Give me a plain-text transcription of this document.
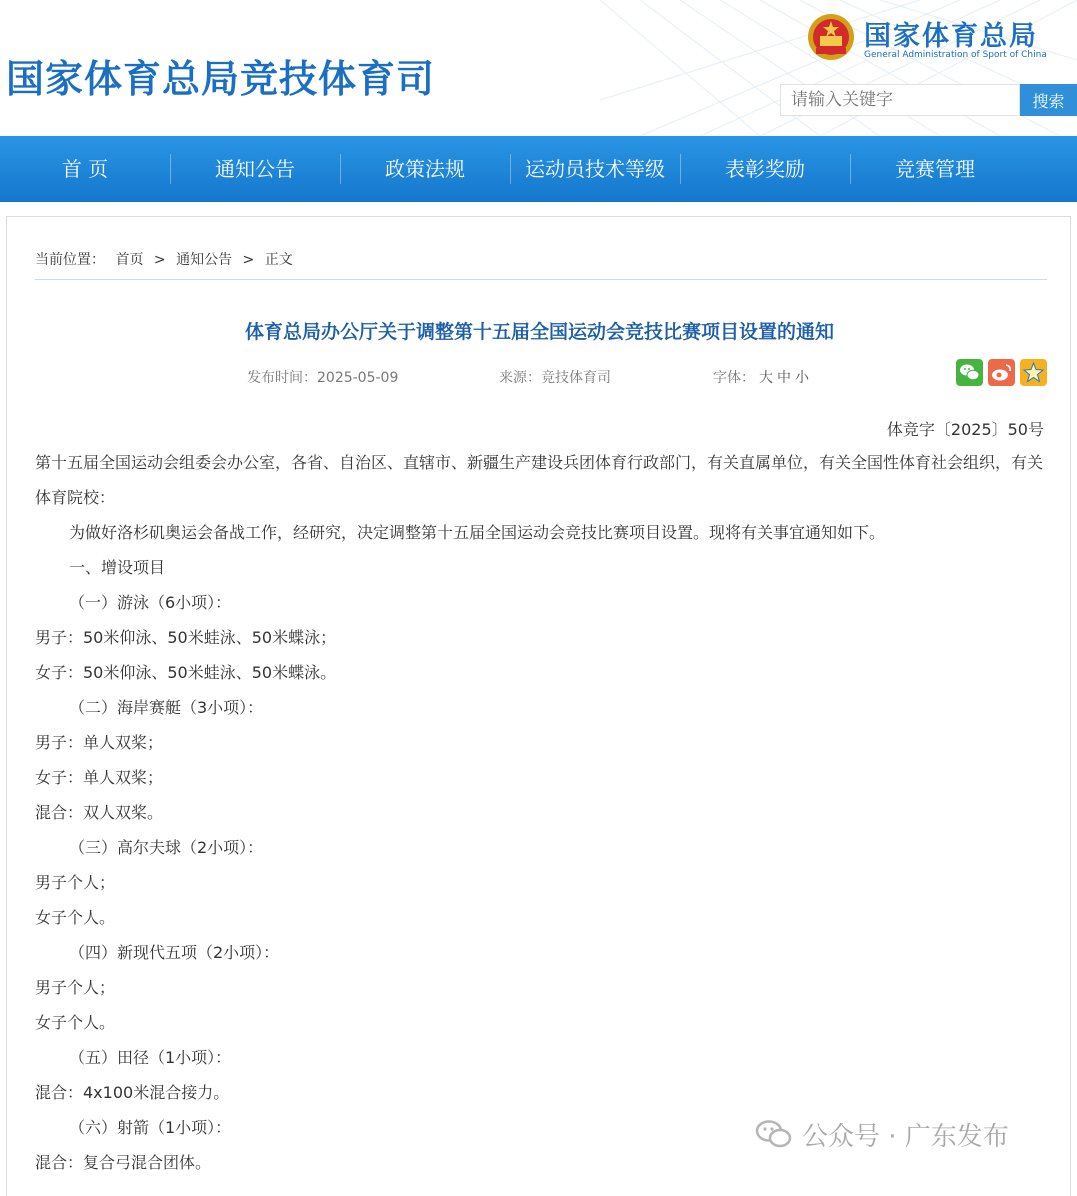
国家体育总局竞技体育司
国家体育总局
General Administration of Sport of China
请输入关键字
搜索
首 页	通知公告	政策法规	运动员技术等级	表彰奖励	竞赛管理
当前位置： 首页 > 通知公告 > 正文
体育总局办公厅关于调整第十五届全国运动会竞技比赛项目设置的通知
发布时间：2025-05-09	来源：竞技体育司	字体： 大 中 小
体竞字〔2025〕50号

第十五届全国运动会组委会办公室，各省、自治区、直辖市、新疆生产建设兵团体育行政部门，有关直属单位，有关全国性体育社会组织，有关体育院校：

为做好洛杉矶奥运会备战工作，经研究，决定调整第十五届全国运动会竞技比赛项目设置。现将有关事宜通知如下。

一、增设项目

（一）游泳（6小项）：

男子：50米仰泳、50米蛙泳、50米蝶泳；

女子：50米仰泳、50米蛙泳、50米蝶泳。

（二）海岸赛艇（3小项）：

男子：单人双桨；

女子：单人双桨；

混合：双人双桨。

（三）高尔夫球（2小项）：

男子个人；

女子个人。

（四）新现代五项（2小项）：

男子个人；

女子个人。

（五）田径（1小项）：

混合：4x100米混合接力。

（六）射箭（1小项）：

混合：复合弓混合团体。

公众号 · 广东发布
